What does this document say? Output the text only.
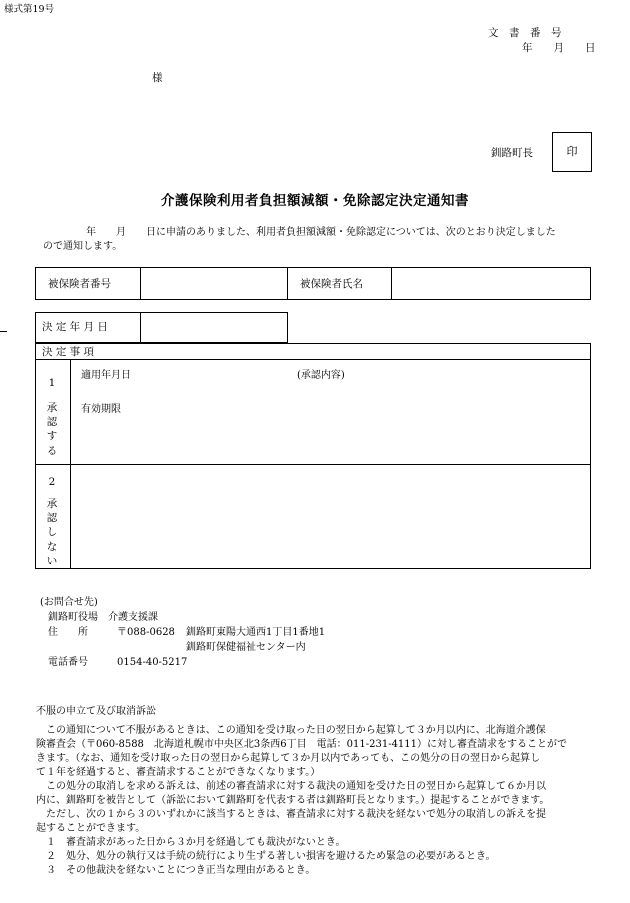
様式第19号
文　書　番　号
年　　月　　日
様
釧路町長	印
介護保険利用者負担額減額・免除認定決定通知書
年　　月　　日に申請のありました、利用者負担額減額・免除認定については、次のとおり決定しました
ので通知します。
被保険者番号	被保険者氏名
決 定 年 月 日
決 定 事 項
1
承認する
適用年月日	(承認内容)
有効期限
2
承認しない
(お問合せ先)
釧路町役場　介護支援課
住　　所	〒088-0628 釧路町東陽大通西1丁目1番地1
釧路町保健福祉センター内
電話番号	0154-40-5217
不服の申立て及び取消訴訟
この通知について不服があるときは、この通知を受け取った日の翌日から起算して３か月以内に、北海道介護保
険審査会（〒060-8588　北海道札幌市中央区北3条西6丁目　電話：011-231-4111）に対し審査請求をすることがで
きます。（なお、通知を受け取った日の翌日から起算して３か月以内であっても、この処分の日の翌日から起算し
て１年を経過すると、審査請求することができなくなります。）
この処分の取消しを求める訴えは、前述の審査請求に対する裁決の通知を受けた日の翌日から起算して６か月以
内に、釧路町を被告として（訴訟において釧路町を代表する者は釧路町長となります。）提起することができます。
ただし、次の１から３のいずれかに該当するときは、審査請求に対する裁決を経ないで処分の取消しの訴えを提
起することができます。
１　審査請求があった日から３か月を経過しても裁決がないとき。
２　処分、処分の執行又は手続の続行により生ずる著しい損害を避けるため緊急の必要があるとき。
３　その他裁決を経ないことにつき正当な理由があるとき。
